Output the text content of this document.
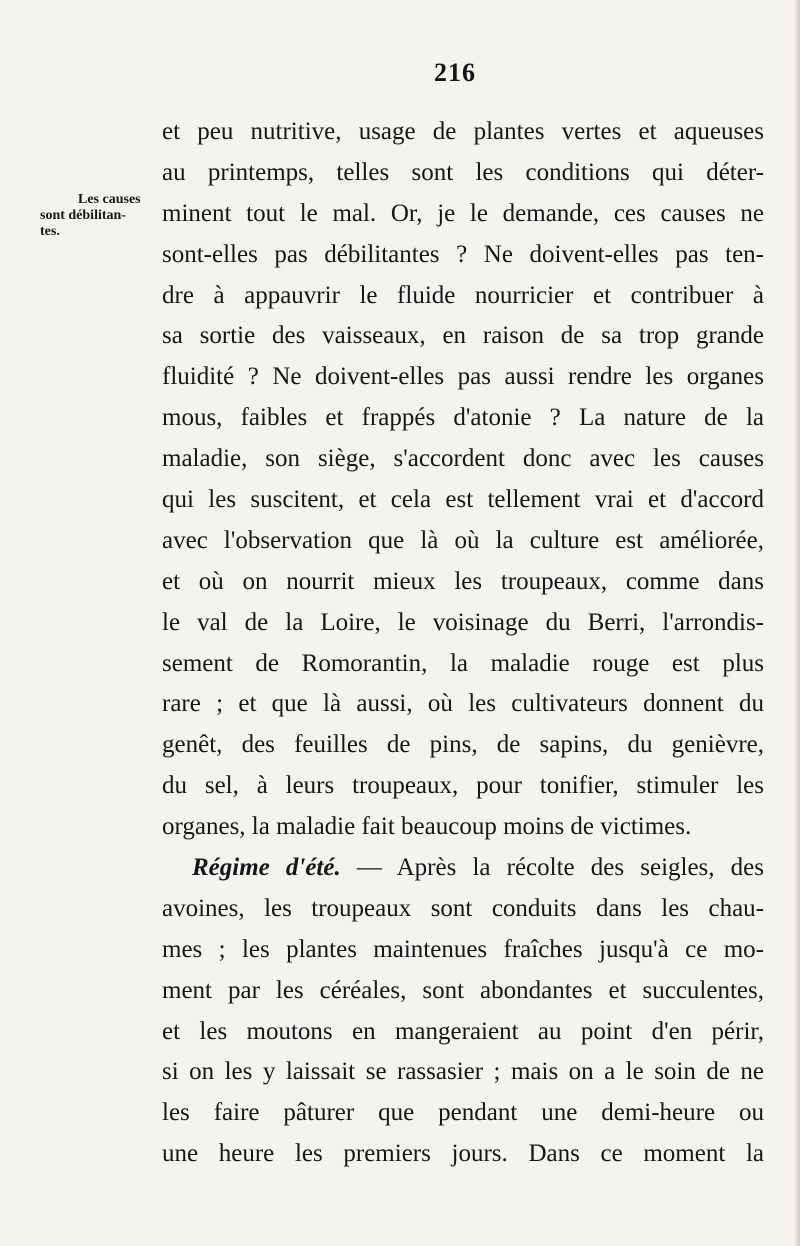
216
Les causes
sont débilitan-
tes.
et peu nutritive, usage de plantes vertes et aqueuses
au printemps, telles sont les conditions qui déter-
minent tout le mal. Or, je le demande, ces causes ne
sont-elles pas débilitantes ? Ne doivent-elles pas ten-
dre à appauvrir le fluide nourricier et contribuer à
sa sortie des vaisseaux, en raison de sa trop grande
fluidité ? Ne doivent-elles pas aussi rendre les organes
mous, faibles et frappés d'atonie ? La nature de la
maladie, son siège, s'accordent donc avec les causes
qui les suscitent, et cela est tellement vrai et d'accord
avec l'observation que là où la culture est améliorée,
et où on nourrit mieux les troupeaux, comme dans
le val de la Loire, le voisinage du Berri, l'arrondis-
sement de Romorantin, la maladie rouge est plus
rare ; et que là aussi, où les cultivateurs donnent du
genêt, des feuilles de pins, de sapins, du genièvre,
du sel, à leurs troupeaux, pour tonifier, stimuler les
organes, la maladie fait beaucoup moins de victimes.
Régime d'été. — Après la récolte des seigles, des
avoines, les troupeaux sont conduits dans les chau-
mes ; les plantes maintenues fraîches jusqu'à ce mo-
ment par les céréales, sont abondantes et succulentes,
et les moutons en mangeraient au point d'en périr,
si on les y laissait se rassasier ; mais on a le soin de ne
les faire pâturer que pendant une demi-heure ou
une heure les premiers jours. Dans ce moment la
